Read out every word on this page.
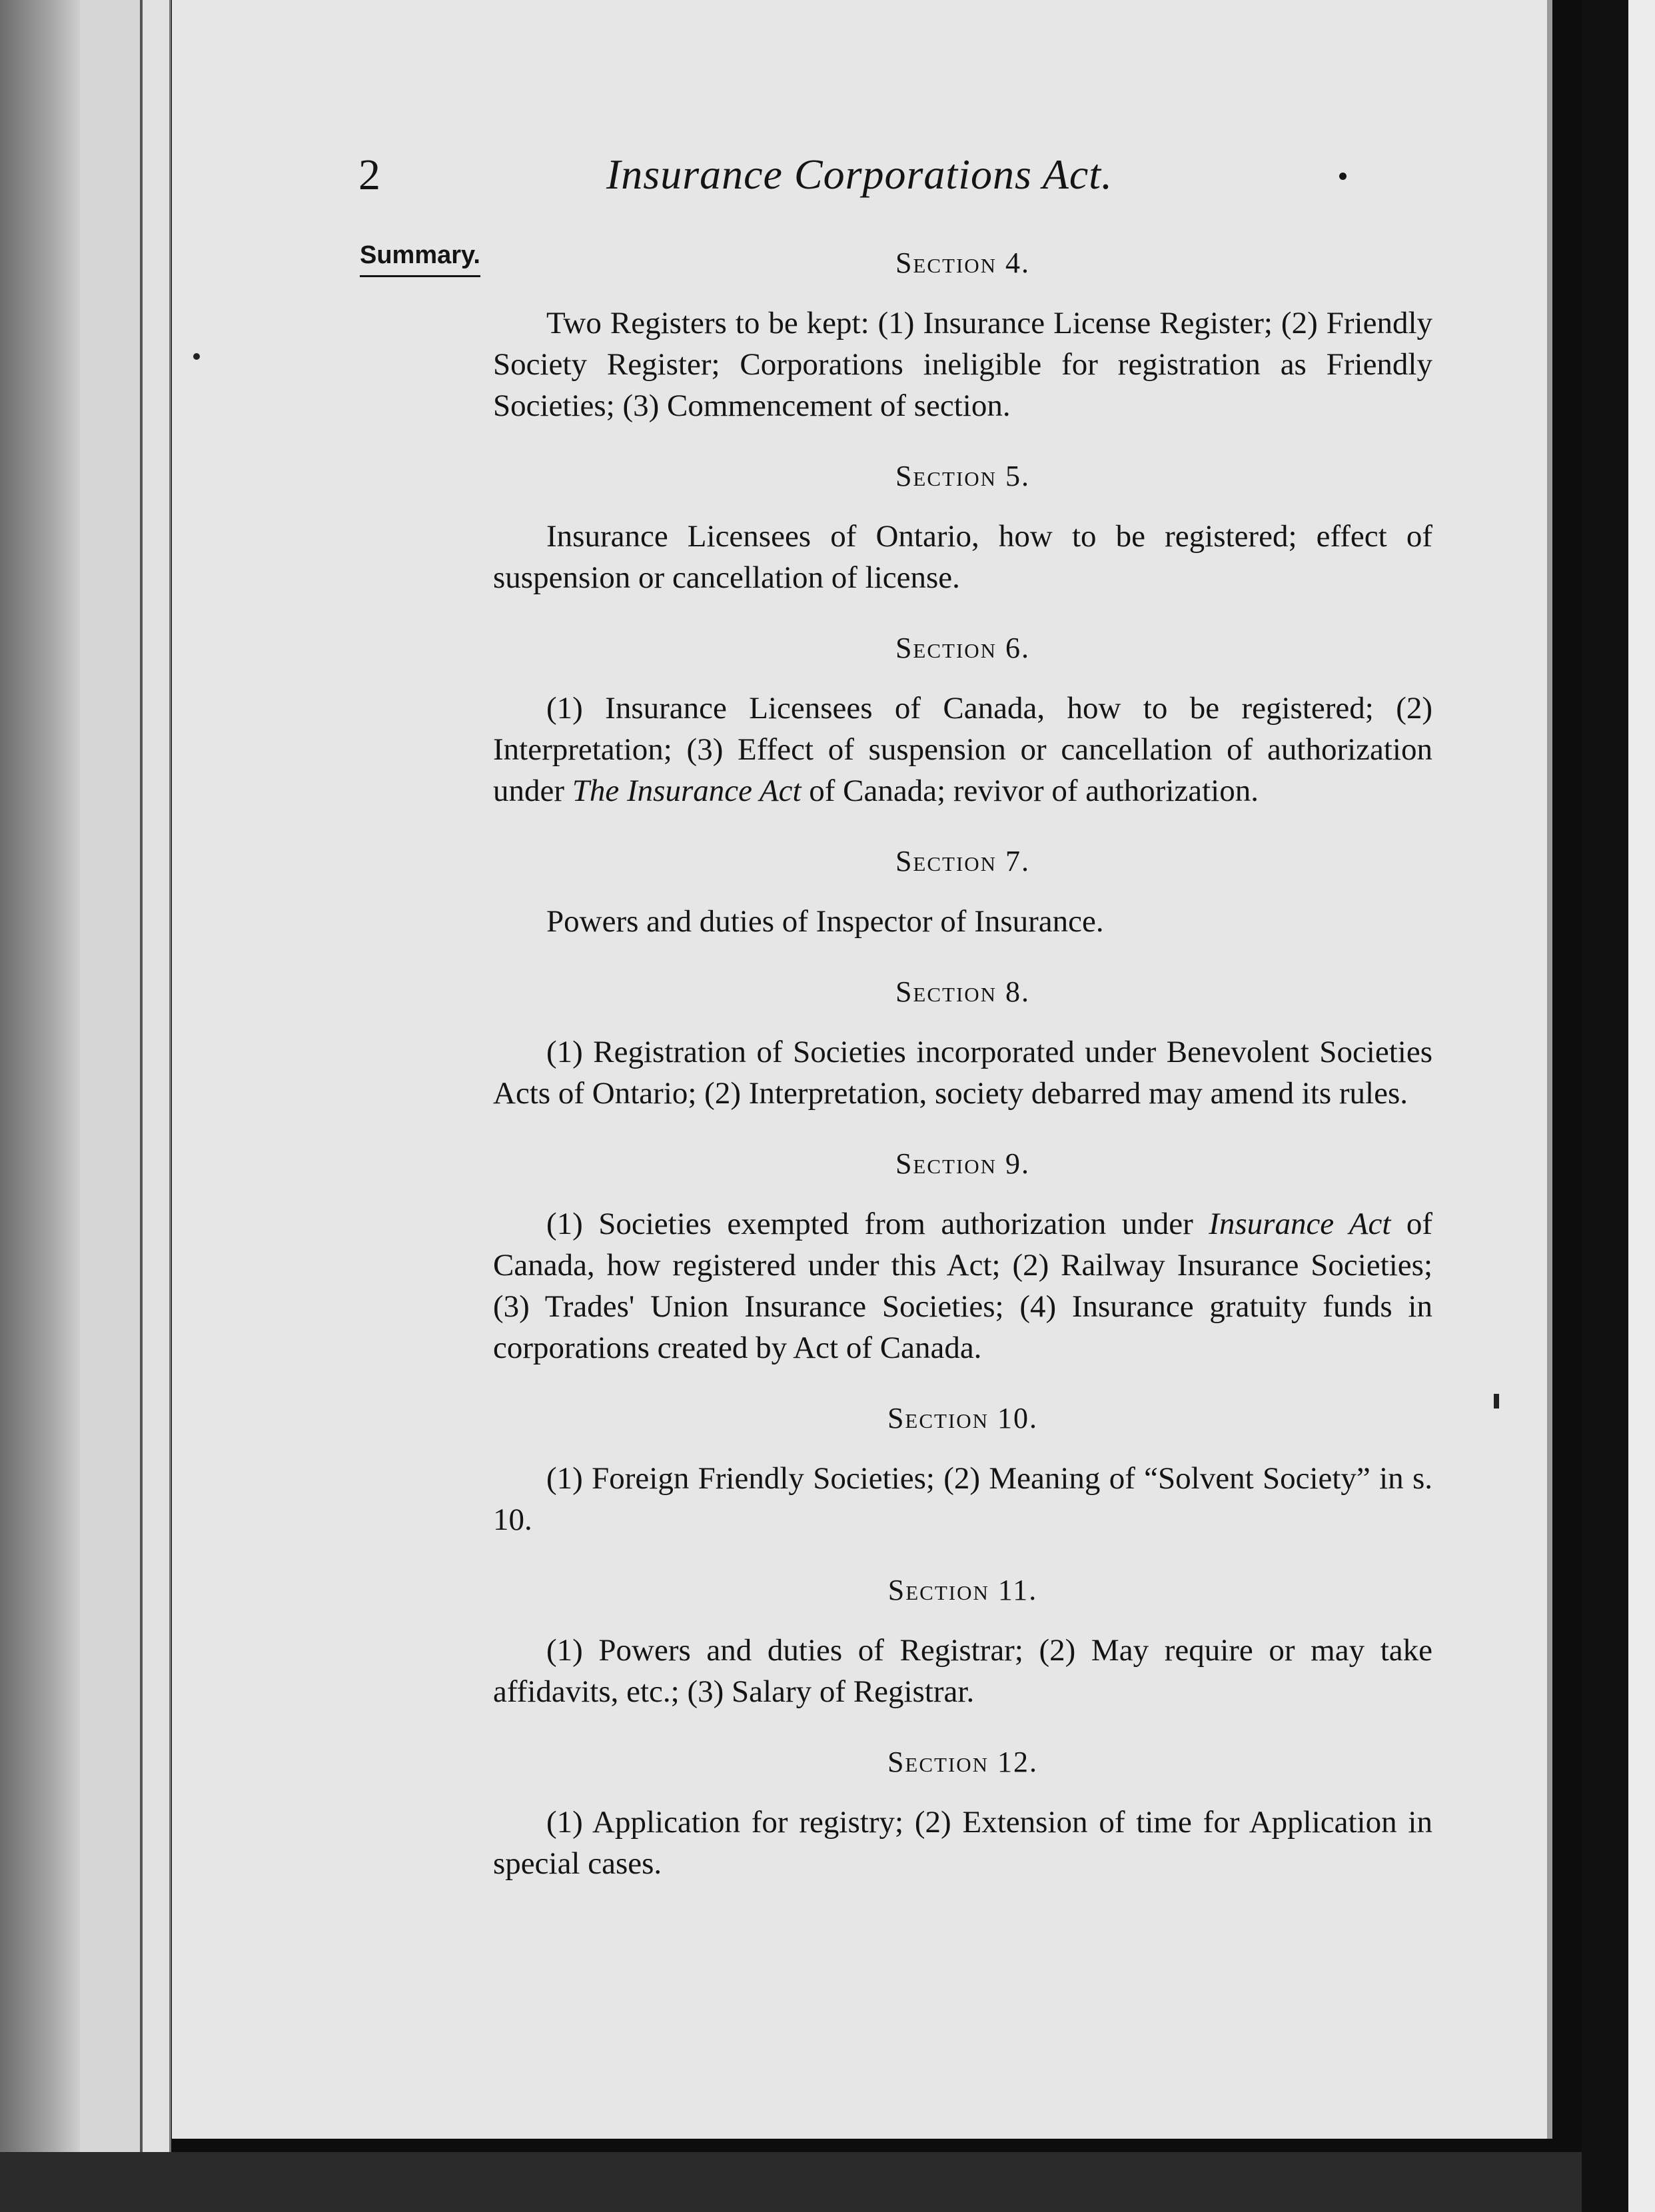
Insurance Corporations Act.
2
Summary.	Section 4.

Two Registers to be kept: (1) Insurance License Register; (2) Friendly Society Register; Corporations ineligible for registration as Friendly Societies; (3) Commencement of section.

Section 5.

Insurance Licensees of Ontario, how to be registered; effect of suspension or cancellation of license.

Section 6.

(1) Insurance Licensees of Canada, how to be registered; (2) Interpretation; (3) Effect of suspension or cancellation of authorization under The Insurance Act of Canada; revivor of authorization.

Section 7.

Powers and duties of Inspector of Insurance.

Section 8.

(1) Registration of Societies incorporated under Benevolent Societies Acts of Ontario; (2) Interpretation, society debarred may amend its rules.

Section 9.

(1) Societies exempted from authorization under Insurance Act of Canada, how registered under this Act; (2) Railway Insurance Societies; (3) Trades' Union Insurance Societies; (4) Insurance gratuity funds in corporations created by Act of Canada.

Section 10.

(1) Foreign Friendly Societies; (2) Meaning of “Solvent Society” in s. 10.

Section 11.

(1) Powers and duties of Registrar; (2) May require or may take affidavits, etc.; (3) Salary of Registrar.

Section 12.

(1) Application for registry; (2) Extension of time for Application in special cases.
